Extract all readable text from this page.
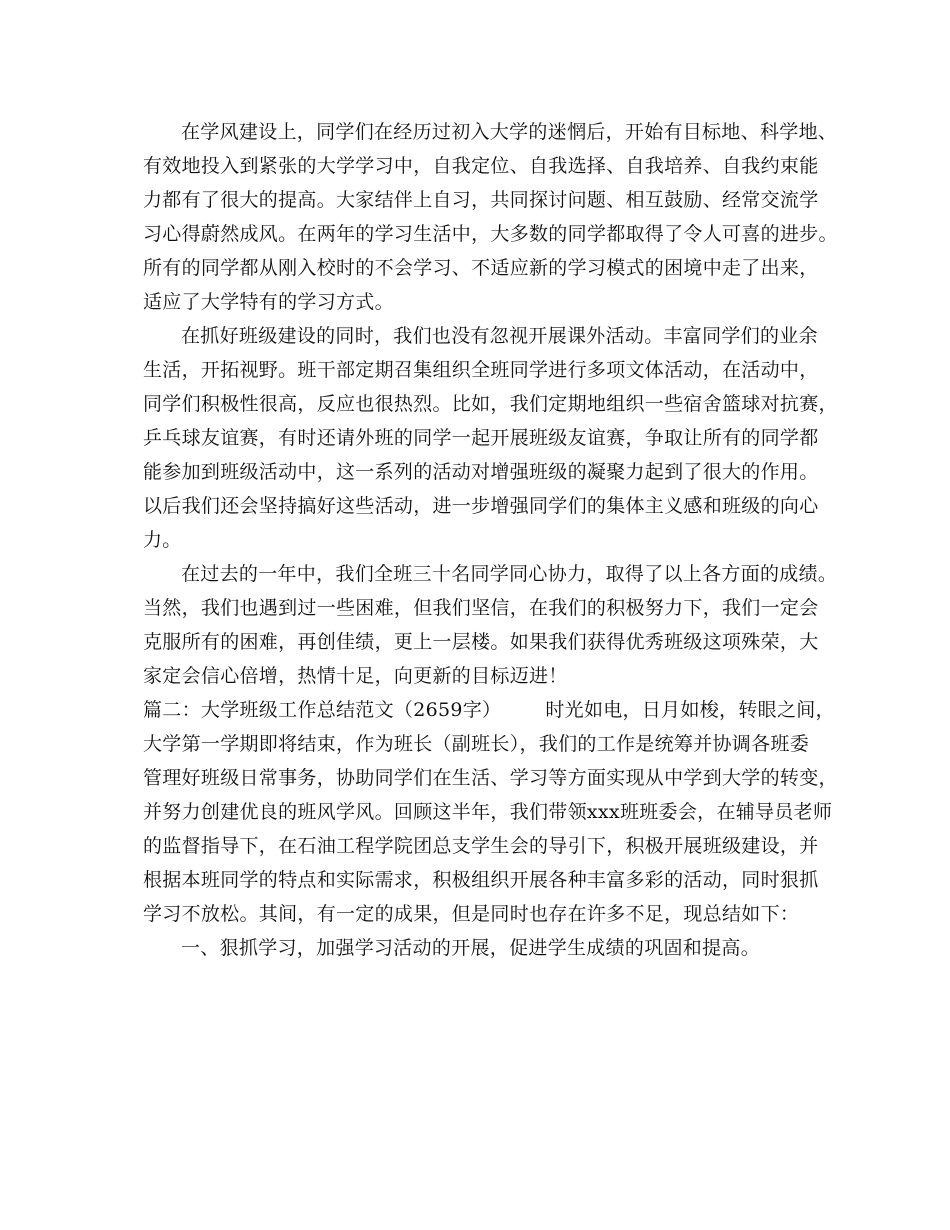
在学风建设上，同学们在经历过初入大学的迷惘后，开始有目标地、科学地、
有效地投入到紧张的大学学习中，自我定位、自我选择、自我培养、自我约束能
力都有了很大的提高。大家结伴上自习，共同探讨问题、相互鼓励、经常交流学
习心得蔚然成风。在两年的学习生活中，大多数的同学都取得了令人可喜的进步。
所有的同学都从刚入校时的不会学习、不适应新的学习模式的困境中走了出来，
适应了大学特有的学习方式。
在抓好班级建设的同时，我们也没有忽视开展课外活动。丰富同学们的业余
生活，开拓视野。班干部定期召集组织全班同学进行多项文体活动，在活动中，
同学们积极性很高，反应也很热烈。比如，我们定期地组织一些宿舍篮球对抗赛，
乒乓球友谊赛，有时还请外班的同学一起开展班级友谊赛，争取让所有的同学都
能参加到班级活动中，这一系列的活动对增强班级的凝聚力起到了很大的作用。
以后我们还会坚持搞好这些活动，进一步增强同学们的集体主义感和班级的向心
力。
在过去的一年中，我们全班三十名同学同心协力，取得了以上各方面的成绩。
当然，我们也遇到过一些困难，但我们坚信，在我们的积极努力下，我们一定会
克服所有的困难，再创佳绩，更上一层楼。如果我们获得优秀班级这项殊荣，大
家定会信心倍增，热情十足，向更新的目标迈进！
篇二：大学班级工作总结范文（2659字） 时光如电，日月如梭，转眼之间，
大学第一学期即将结束，作为班长（副班长），我们的工作是统筹并协调各班委
管理好班级日常事务，协助同学们在生活、学习等方面实现从中学到大学的转变，
并努力创建优良的班风学风。回顾这半年，我们带领xxx班班委会，在辅导员老师
的监督指导下，在石油工程学院团总支学生会的导引下，积极开展班级建设，并
根据本班同学的特点和实际需求，积极组织开展各种丰富多彩的活动，同时狠抓
学习不放松。其间，有一定的成果，但是同时也存在许多不足，现总结如下：
一、狠抓学习，加强学习活动的开展，促进学生成绩的巩固和提高。
